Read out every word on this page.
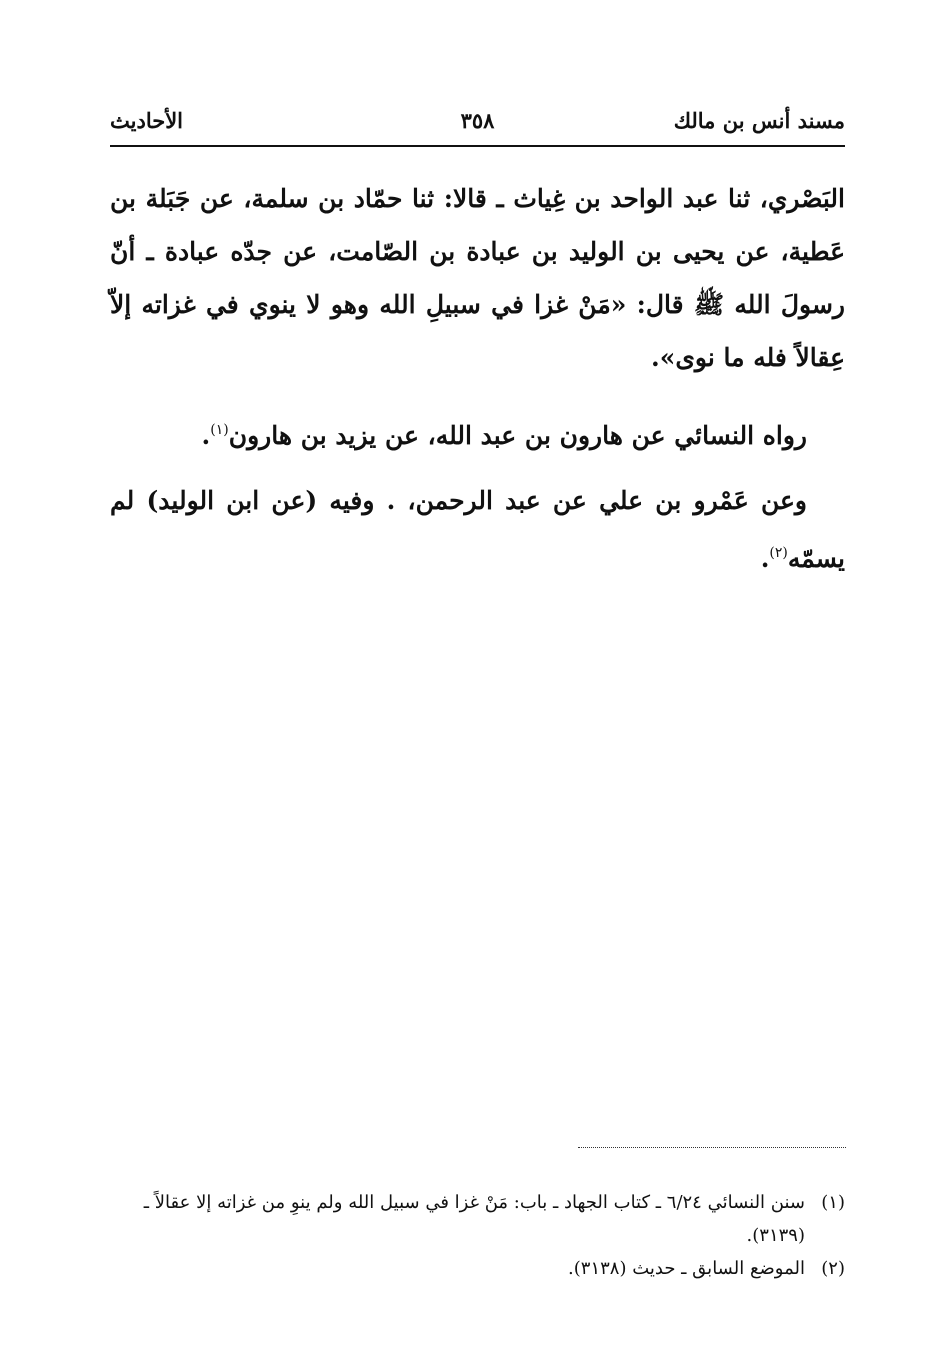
مسند أنس بن مالك
٣٥٨
الأحاديث

البَصْري، ثنا عبد الواحد بن غِياث ـ قالا: ثنا حمّاد بن سلمة، عن جَبَلة بن عَطية، عن يحيى بن الوليد بن عبادة بن الصّامت، عن جدّه عبادة ـ أنّ رسولَ الله ﷺ قال: «مَنْ غزا في سبيلِ الله وهو لا ينوي في غزاته إلاّ عِقالاً فله ما نوى».

رواه النسائي عن هارون بن عبد الله، عن يزيد بن هارون$^{(١)}$.

وعن عَمْرو بن علي عن عبد الرحمن، . وفيه (عن ابن الوليد) لم يسمّه$^{(٢)}$.

(١)
سنن النسائي ٦/٢٤ ـ كتاب الجهاد ـ باب: مَنْ غزا في سبيل الله ولم ينوِ من غزاته إلا عقالاً ـ (٣١٣٩).
(٢)
الموضع السابق ـ حديث (٣١٣٨).
